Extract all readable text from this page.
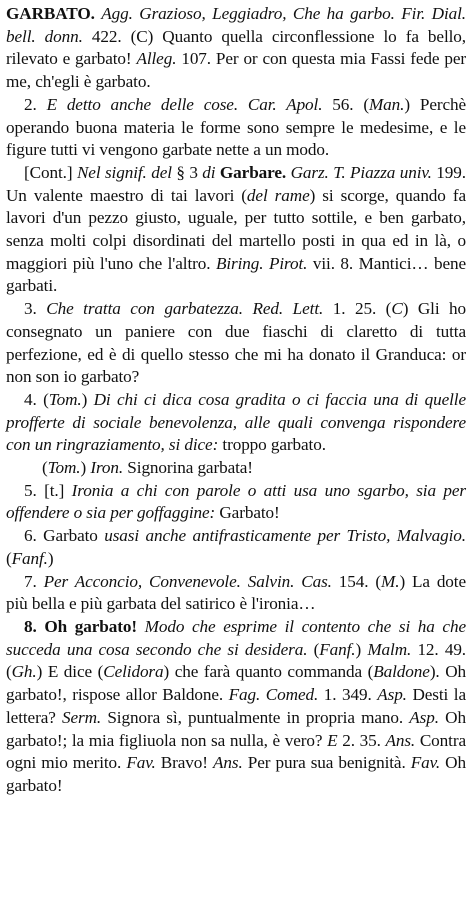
GARBATO. Agg. Grazioso, Leggiadro, Che ha garbo. Fir. Dial. bell. donn. 422. (C) Quanto quella circonflessione lo fa bello, rilevato e garbato! Alleg. 107. Per or con questa mia Fassi fede per me, ch'egli è garbato.

2. E detto anche delle cose. Car. Apol. 56. (Man.) Perchè operando buona materia le forme sono sempre le medesime, e le figure tutti vi vengono garbate nette a un modo.

[Cont.] Nel signif. del § 3 di Garbare. Garz. T. Piazza univ. 199. Un valente maestro di tai lavori (del rame) si scorge, quando fa lavori d'un pezzo giusto, uguale, per tutto sottile, e ben garbato, senza molti colpi disordinati del martello posti in qua ed in là, o maggiori più l'uno che l'altro. Biring. Pirot. vii. 8. Mantici… bene garbati.

3. Che tratta con garbatezza. Red. Lett. 1. 25. (C) Gli ho consegnato un paniere con due fiaschi di claretto di tutta perfezione, ed è di quello stesso che mi ha donato il Granduca: or non son io garbato?

4. (Tom.) Di chi ci dica cosa gradita o ci faccia una di quelle profferte di sociale benevolenza, alle quali convenga rispondere con un ringraziamento, si dice: troppo garbato.

(Tom.) Iron. Signorina garbata!

5. [t.] Ironia a chi con parole o atti usa uno sgarbo, sia per offendere o sia per goffaggine: Garbato!

6. Garbato usasi anche antifrasticamente per Tristo, Malvagio. (Fanf.)

7. Per Acconcio, Convenevole. Salvin. Cas. 154. (M.) La dote più bella e più garbata del satirico è l'ironia…

8. Oh garbato! Modo che esprime il contento che si ha che succeda una cosa secondo che si desidera. (Fanf.) Malm. 12. 49. (Gh.) E dice (Celidora) che farà quanto commanda (Baldone). Oh garbato!, rispose allor Baldone. Fag. Comed. 1. 349. Asp. Desti la lettera? Serm. Signora sì, puntualmente in propria mano. Asp. Oh garbato!; la mia figliuola non sa nulla, è vero? E 2. 35. Ans. Contra ogni mio merito. Fav. Bravo! Ans. Per pura sua benignità. Fav. Oh garbato!
